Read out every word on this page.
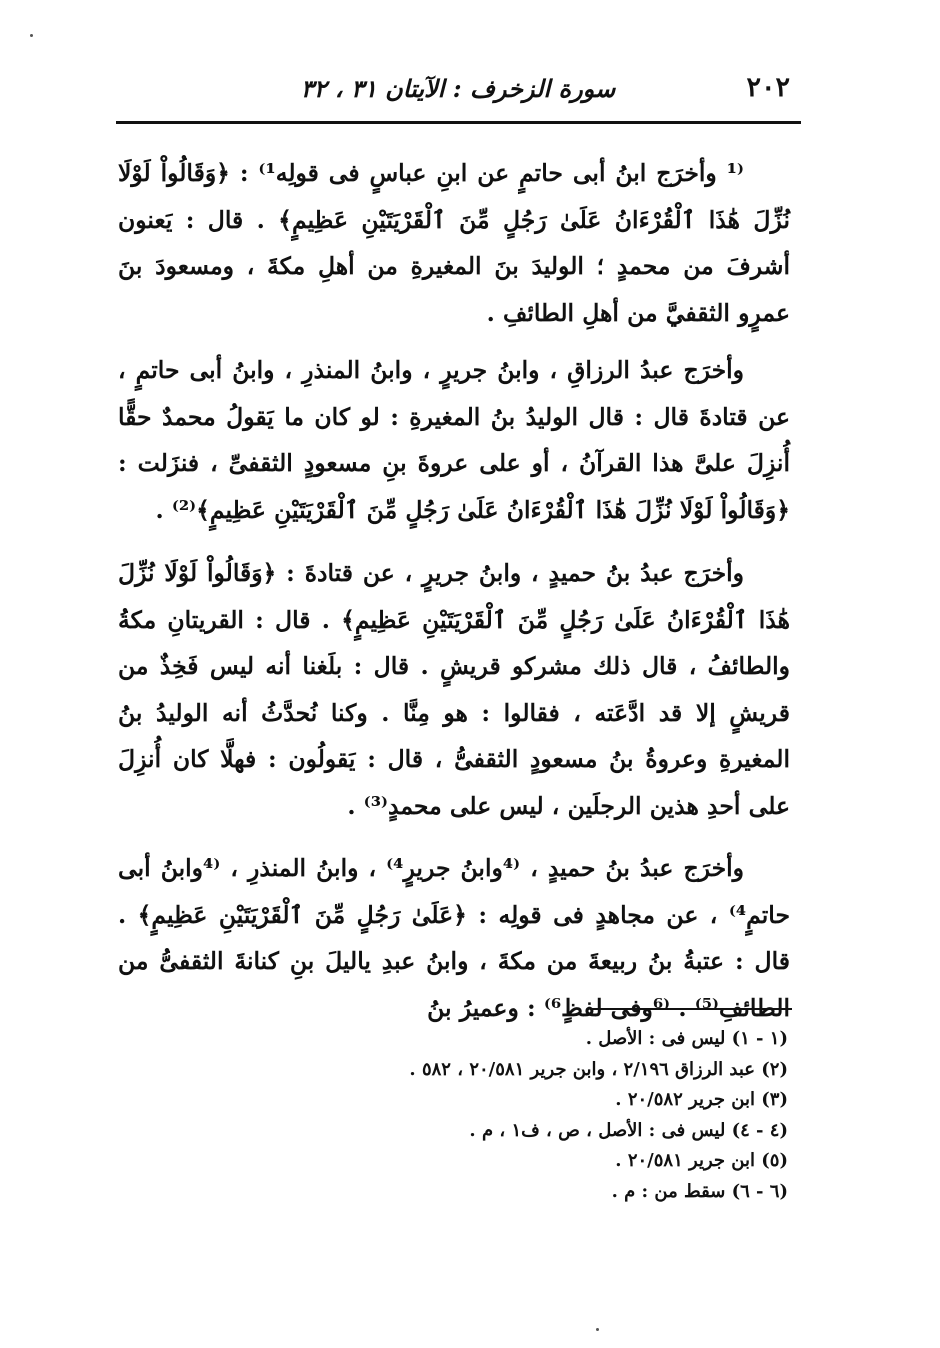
٢٠٢
سورة الزخرف : الآيتان ٣١ ، ٣٢

⁽¹ وأخرَج ابنُ أبى حاتمٍ عن ابنِ عباسٍ فى قولِه¹⁾ : ﴿وَقَالُواْ لَوْلَا نُزِّلَ هَٰذَا ٱلْقُرْءَانُ عَلَىٰ رَجُلٍ مِّنَ ٱلْقَرْيَتَيْنِ عَظِيمٍ﴾ . قال : يَعنون أشرفَ من محمدٍ ؛ الوليدَ بنَ المغيرةِ من أهلِ مكةَ ، ومسعودَ بنَ عمرٍو الثقفيَّ من أهلِ الطائفِ .

وأخرَج عبدُ الرزاقِ ، وابنُ جريرٍ ، وابنُ المنذرِ ، وابنُ أبى حاتمٍ ، عن قتادةَ قال : قال الوليدُ بنُ المغيرةِ : لو كان ما يَقولُ محمدٌ حقًّا أُنزِلَ علىَّ هذا القرآنُ ، أو على عروةَ بنِ مسعودٍ الثقفىِّ ، فنزَلت : ﴿وَقَالُواْ لَوْلَا نُزِّلَ هَٰذَا ٱلْقُرْءَانُ عَلَىٰ رَجُلٍ مِّنَ ٱلْقَرْيَتَيْنِ عَظِيمٍ﴾⁽²⁾ .

وأخرَج عبدُ بنُ حميدٍ ، وابنُ جريرٍ ، عن قتادةَ : ﴿وَقَالُواْ لَوْلَا نُزِّلَ هَٰذَا ٱلْقُرْءَانُ عَلَىٰ رَجُلٍ مِّنَ ٱلْقَرْيَتَيْنِ عَظِيمٍ﴾ . قال : القريتانِ مكةُ والطائفُ ، قال ذلك مشركو قريشٍ . قال : بلَغنا أنه ليس فَخِذٌ من قريشٍ إلا قد ادَّعَته ، فقالوا : هو مِنَّا . وكنا نُحدَّثُ أنه الوليدُ بنُ المغيرةِ وعروةُ بنُ مسعودٍ الثقفىُّ ، قال : يَقولُون : فهلَّا كان أُنزِلَ على أحدِ هذين الرجلَين ، ليس على محمدٍ⁽³⁾ .

وأخرَج عبدُ بنُ حميدٍ ، ⁽⁴وابنُ جريرٍ⁴⁾ ، وابنُ المنذرِ ، ⁽⁴وابنُ أبى حاتمٍ⁴⁾ ، عن مجاهدٍ فى قولِه : ﴿عَلَىٰ رَجُلٍ مِّنَ ٱلْقَرْيَتَيْنِ عَظِيمٍ﴾ . قال : عتبةُ بنُ ربيعةَ من مكةَ ، وابنُ عبدِ ياليلَ بنِ كنانةَ الثقفىُّ من الطائفِ⁽⁵⁾ . ⁽⁶وفى لفظٍ⁶⁾ : وعميرُ بنُ

(١ - ١) ليس فى : الأصل .
(٢) عبد الرزاق ٢/١٩٦ ، وابن جرير ٢٠/٥٨١ ، ٥٨٢ .
(٣) ابن جرير ٢٠/٥٨٢ .
(٤ - ٤) ليس فى : الأصل ، ص ، ف١ ، م .
(٥) ابن جرير ٢٠/٥٨١ .
(٦ - ٦) سقط من : م .
